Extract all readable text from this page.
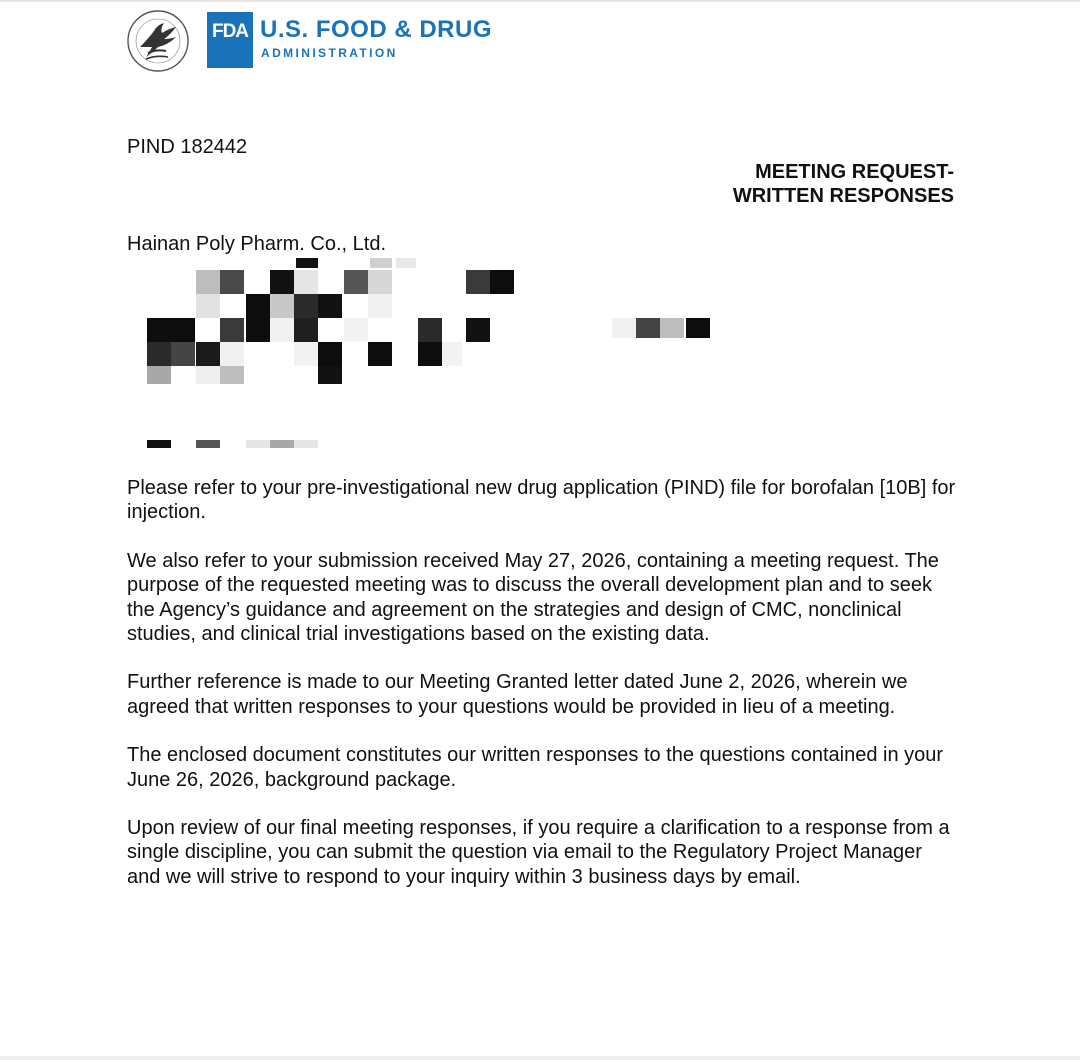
FDA U.S. FOOD & DRUG
ADMINISTRATION
PIND 182442
MEETING REQUEST-
WRITTEN RESPONSES
Hainan Poly Pharm. Co., Ltd.

Please refer to your pre-investigational new drug application (PIND) file for borofalan [10B] for injection.

We also refer to your submission received May 27, 2026, containing a meeting request. The purpose of the requested meeting was to discuss the overall development plan and to seek the Agency’s guidance and agreement on the strategies and design of CMC, nonclinical studies, and clinical trial investigations based on the existing data.

Further reference is made to our Meeting Granted letter dated June 2, 2026, wherein we agreed that written responses to your questions would be provided in lieu of a meeting.

The enclosed document constitutes our written responses to the questions contained in your June 26, 2026, background package.

Upon review of our final meeting responses, if you require a clarification to a response from a single discipline, you can submit the question via email to the Regulatory Project Manager and we will strive to respond to your inquiry within 3 business days by email.
